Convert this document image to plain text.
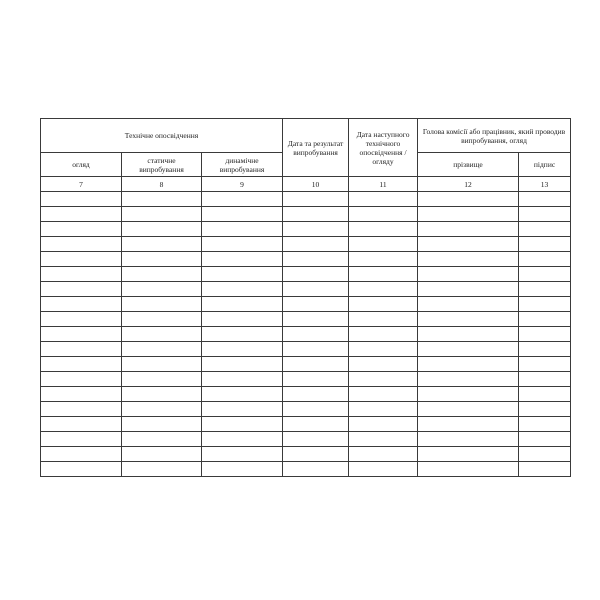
Технічне опосвідчення			Дата та результат випробування	Дата наступного технічного опосвідчення / огляду	Голова комісії або працівник, який проводив випробування, огляд	

огляд	статичне випробування	динамічне випробування			прізвище	підпис

7	8	9	10	11	12	13
